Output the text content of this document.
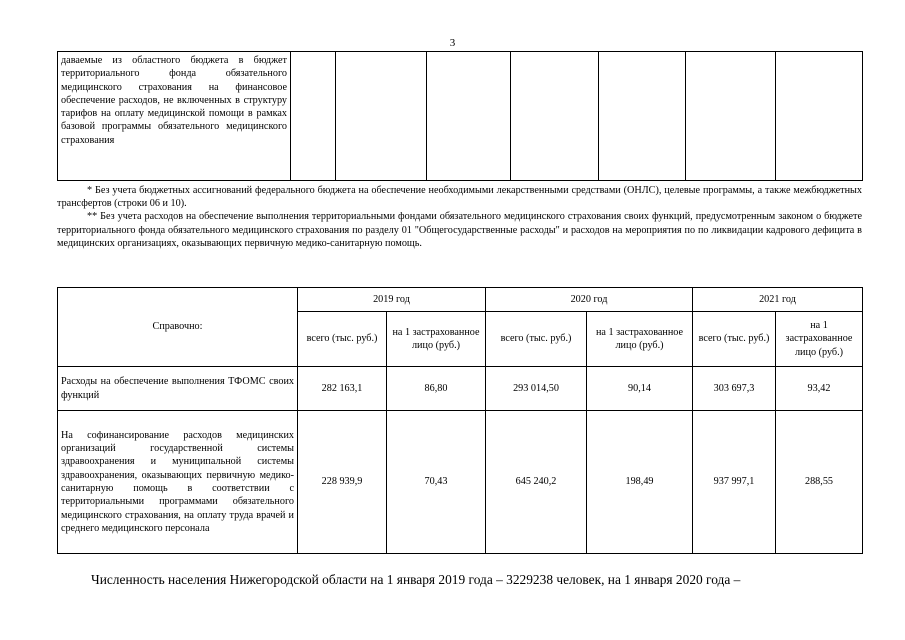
3
даваемые из областного бюджета в бюджет территориального фонда обязательного медицинского страхования на финансовое обеспечение расходов, не включенных в структуру тарифов на оплату медицинской помощи в рамках базовой программы обязательного медицинского страхования							

* Без учета бюджетных ассигнований федерального бюджета на обеспечение необходимыми лекарственными средствами (ОНЛС), целевые программы, а также межбюджетных трансфертов (строки 06 и 10).

** Без учета расходов на обеспечение выполнения территориальными фондами обязательного медицинского страхования своих функций, предусмотренным законом о бюджете территориального фонда обязательного медицинского страхования по разделу 01 "Общегосударственные расходы" и расходов на мероприятия по по ликвидации кадрового дефицита в медицинских организациях, оказывающих первичную медико-санитарную помощь.

Справочно:	2019 год		2020 год		2021 год	
	всего (тыс. руб.)	на 1 застрахованное лицо (руб.)	всего (тыс. руб.)	на 1 застрахованное лицо (руб.)	всего (тыс. руб.)	на 1 застрахованное лицо (руб.)
Расходы на обеспечение выполнения ТФОМС своих функций	282 163,1	86,80	293 014,50	90,14	303 697,3	93,42
На софинансирование расходов медицинских организаций государственной системы здравоохранения и муниципальной системы здравоохранения, оказывающих первичную медико-санитарную помощь в соответствии с территориальными программами обязательного медицинского страхования, на оплату труда врачей и среднего медицинского персонала	228 939,9	70,43	645 240,2	198,49	937 997,1	288,55
Численность населения Нижегородской области на 1 января 2019 года – 3229238 человек, на 1 января 2020 года –
